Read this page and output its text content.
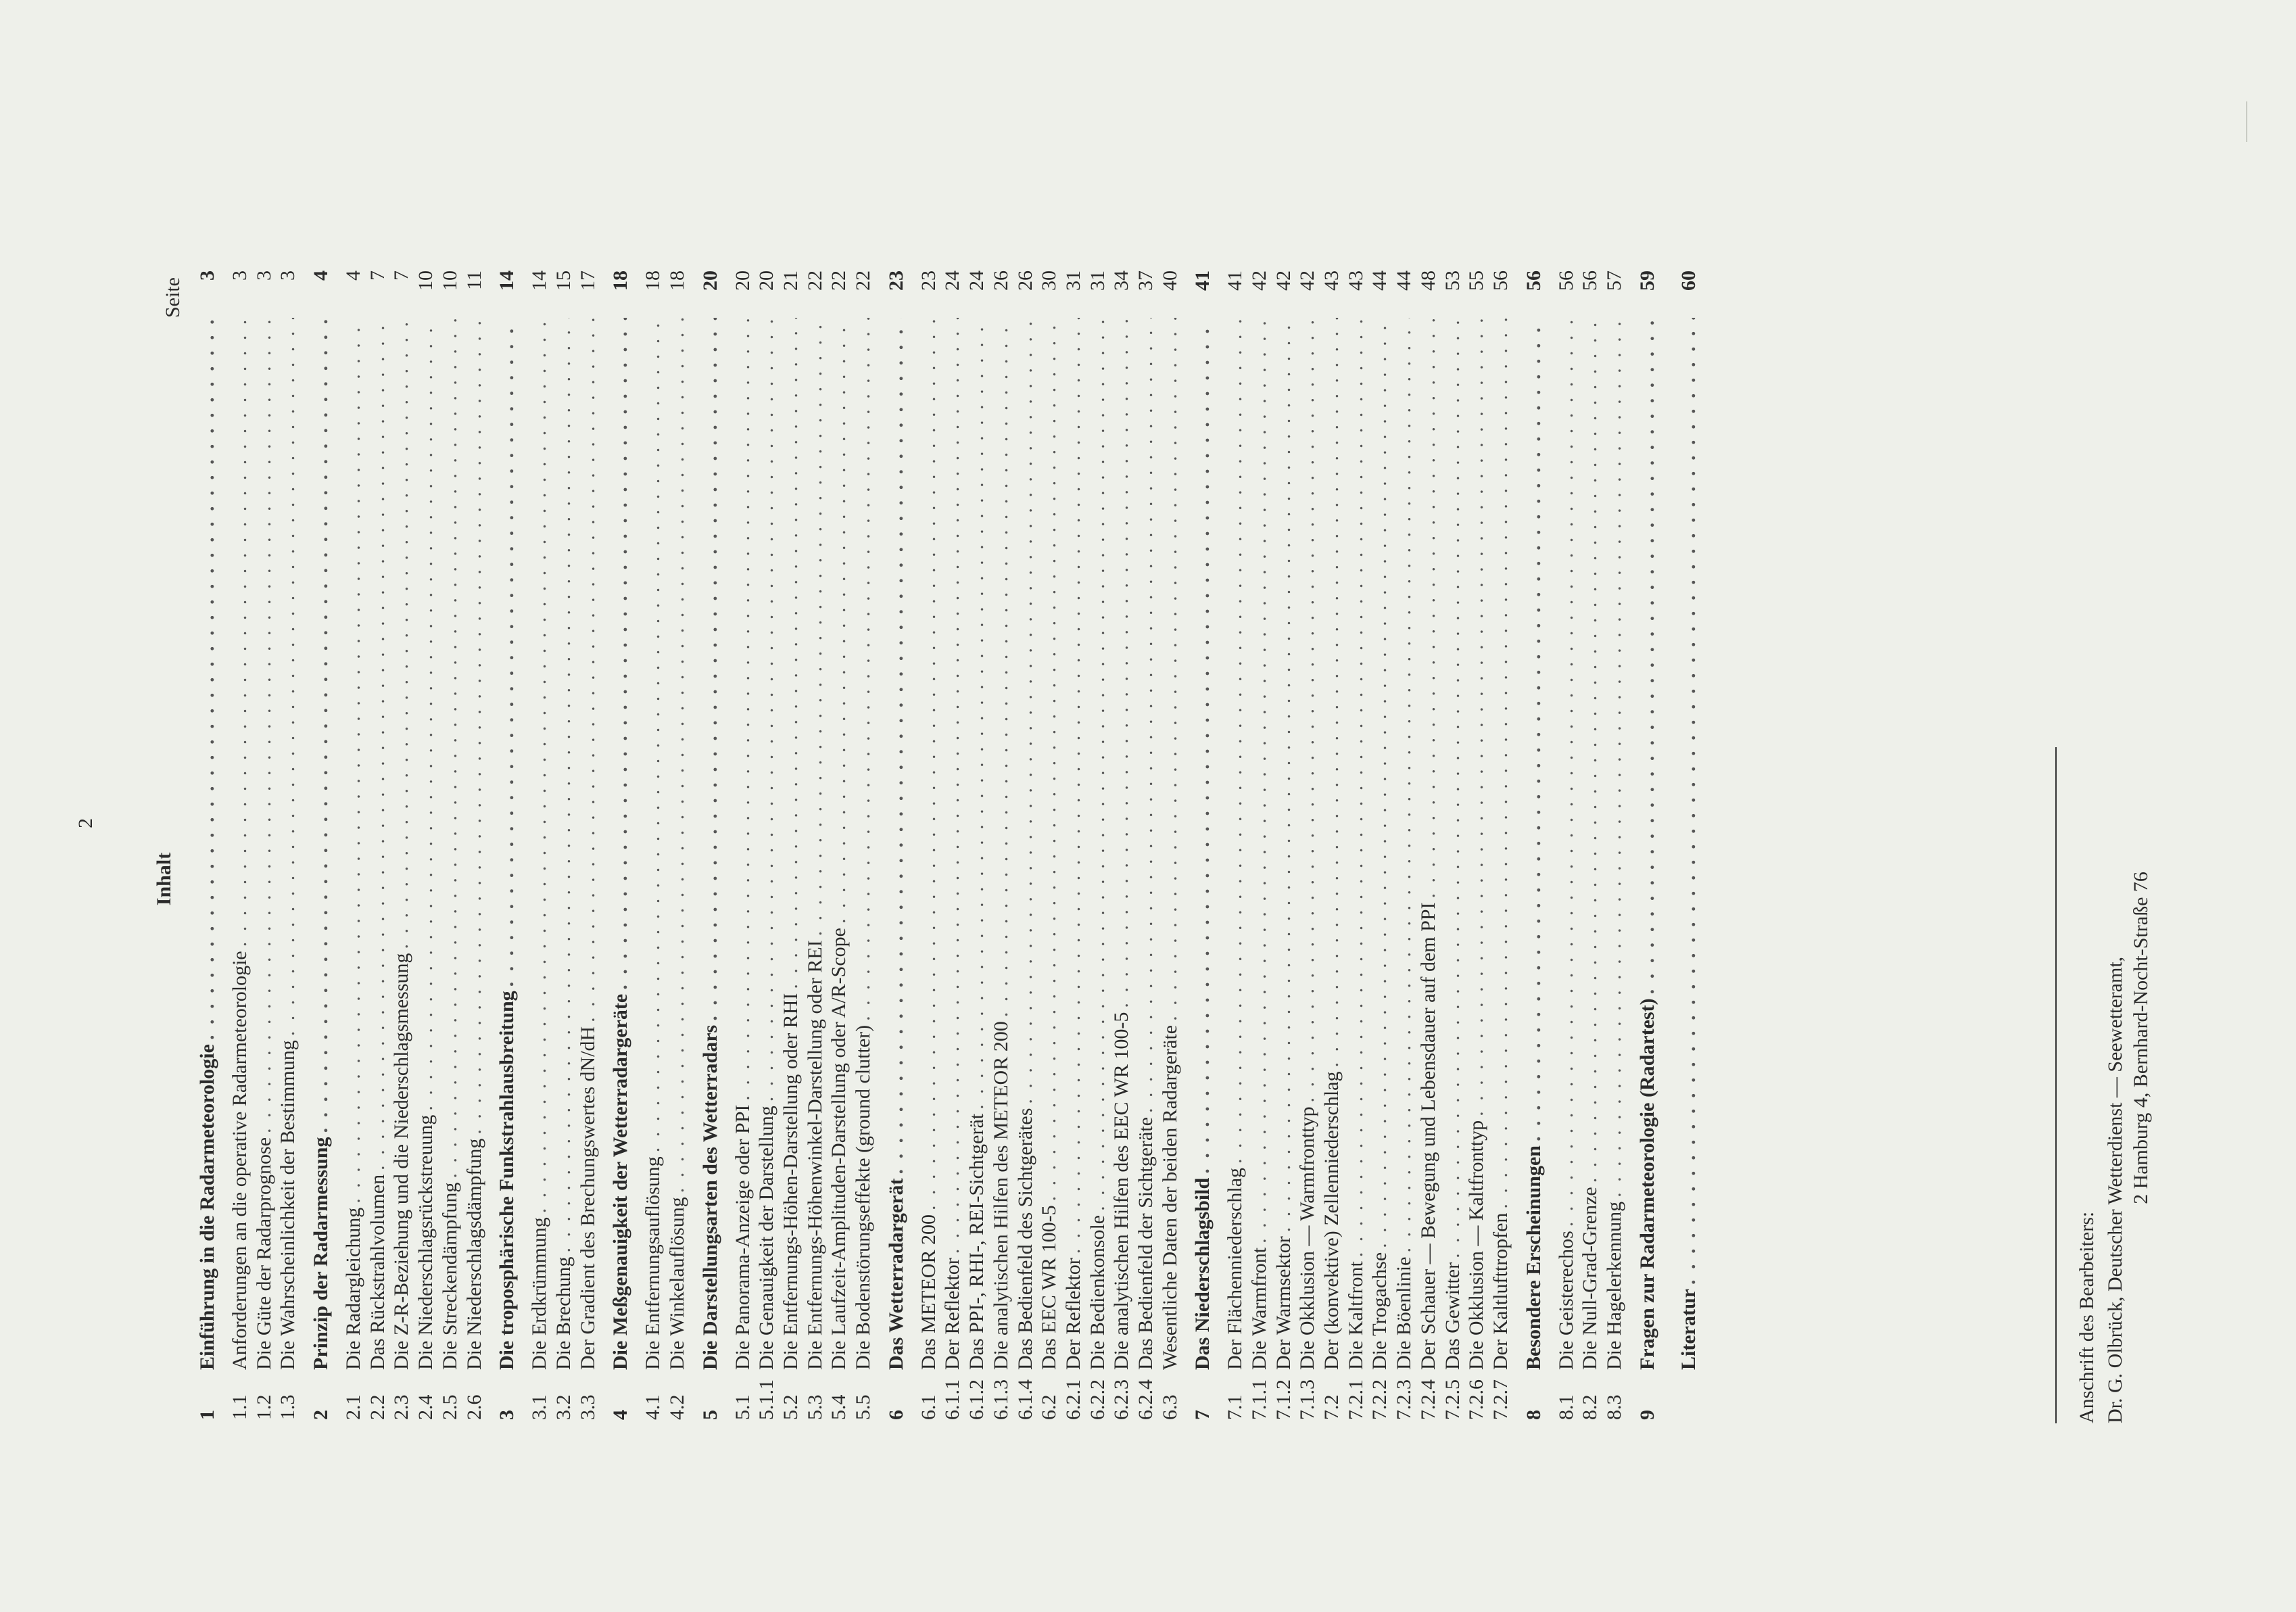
2
Inhalt
Seite
1
Einführung in die Radarmeteorologie
. . .
3
1.1
Anforderungen an die operative Radarmeteorologie
. . .
3
1.2
Die Güte der Radarprognose
. . .
3
1.3
Die Wahrscheinlichkeit der Bestimmung
. . .
3
2
Prinzip der Radarmessung
. . .
4
2.1
Die Radargleichung
. . .
4
2.2
Das Rückstrahlvolumen
. . .
7
2.3
Die Z-R-Beziehung und die Niederschlagsmessung
. . .
7
2.4
Die Niederschlagsrückstreuung
. . .
10
2.5
Die Streckendämpfung
. . .
10
2.6
Die Niederschlagsdämpfung
. . .
11
3
Die troposphärische Funkstrahlausbreitung
. . .
14
3.1
Die Erdkrümmung
. . .
14
3.2
Die Brechung
. . .
15
3.3
Der Gradient des Brechungswertes dN/dH
. . .
17
4
Die Meßgenauigkeit der Wetterradargeräte
. . .
18
4.1
Die Entfernungsauflösung
. . .
18
4.2
Die Winkelauflösung
. . .
18
5
Die Darstellungsarten des Wetterradars
. . .
20
5.1
Die Panorama-Anzeige oder PPI
. . .
20
5.1.1
Die Genauigkeit der Darstellung
. . .
20
5.2
Die Entfernungs-Höhen-Darstellung oder RHI
. . .
21
5.3
Die Entfernungs-Höhenwinkel-Darstellung oder REI
. . .
22
5.4
Die Laufzeit-Amplituden-Darstellung oder A/R-Scope
. . .
22
5.5
Die Bodenstörungseffekte (ground clutter)
. . .
22
6
Das Wetterradargerät
. . .
23
6.1
Das METEOR 200
. . .
23
6.1.1
Der Reflektor
. . .
24
6.1.2
Das PPI-, RHI-, REI-Sichtgerät
. . .
24
6.1.3
Die analytischen Hilfen des METEOR 200
. . .
26
6.1.4
Das Bedienfeld des Sichtgerätes
. . .
26
6.2
Das EEC WR 100-5
. . .
30
6.2.1
Der Reflektor
. . .
31
6.2.2
Die Bedienkonsole
. . .
31
6.2.3
Die analytischen Hilfen des EEC WR 100-5
. . .
34
6.2.4
Das Bedienfeld der Sichtgeräte
. . .
37
6.3
Wesentliche Daten der beiden Radargeräte
. . .
40
7
Das Niederschlagsbild
. . .
41
7.1
Der Flächenniederschlag
. . .
41
7.1.1
Die Warmfront
. . .
42
7.1.2
Der Warmsektor
. . .
42
7.1.3
Die Okklusion — Warmfronttyp
. . .
42
7.2
Der (konvektive) Zellenniederschlag
. . .
43
7.2.1
Die Kaltfront
. . .
43
7.2.2
Die Trogachse
. . .
44
7.2.3
Die Böenlinie
. . .
44
7.2.4
Der Schauer — Bewegung und Lebensdauer auf dem PPI
. . .
48
7.2.5
Das Gewitter
. . .
53
7.2.6
Die Okklusion — Kaltfronttyp
. . .
55
7.2.7
Der Kaltlufttropfen
. . .
56
8
Besondere Erscheinungen
. . .
56
8.1
Die Geisterechos
. . .
56
8.2
Die Null-Grad-Grenze
. . .
56
8.3
Die Hagelerkennung
. . .
57
9
Fragen zur Radarmeteorologie (Radartest)
. . .
59
Literatur
. . .
60
Anschrift des Bearbeiters: Dr. G. Olbrück, Deutscher Wetterdienst — Seewetteramt, 2 Hamburg 4, Bernhard-Nocht-Straße 76
